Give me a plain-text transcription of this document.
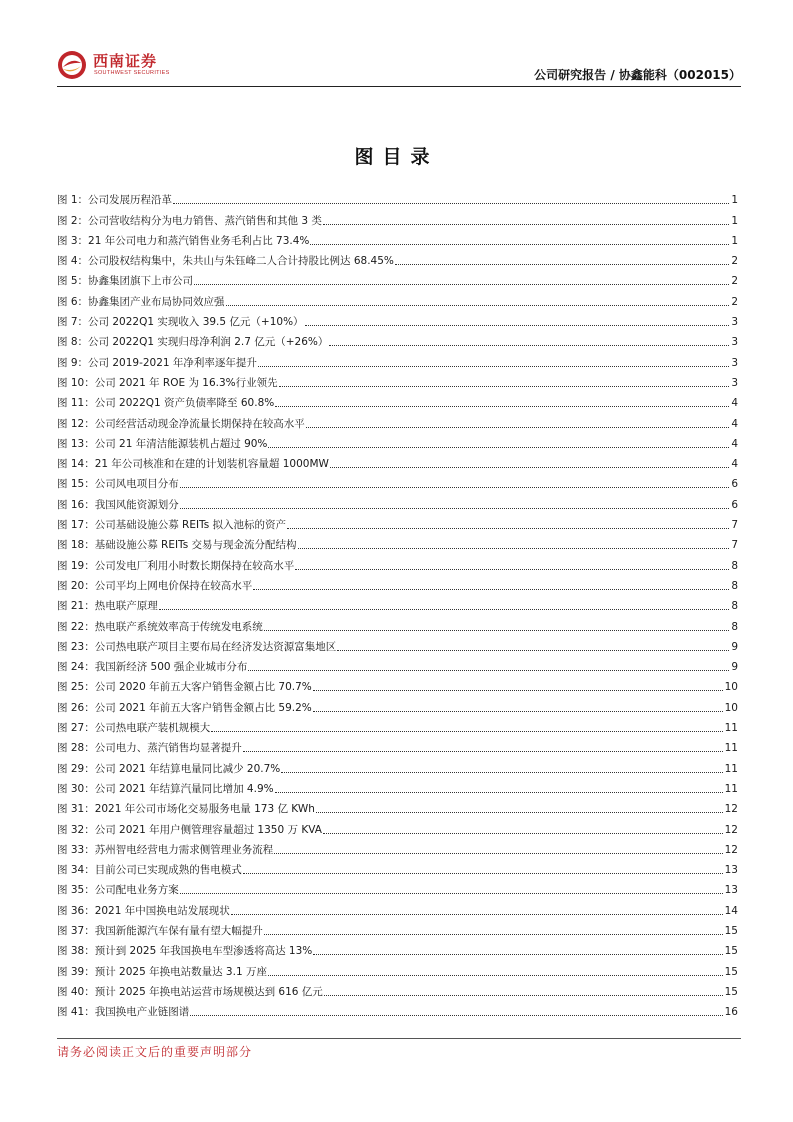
西南证券
SOUTHWEST SECURITIES	公司研究报告 / 协鑫能科（002015）
图目录
图 1：公司发展历程沿革	1
图 2：公司营收结构分为电力销售、蒸汽销售和其他 3 类	1
图 3：21 年公司电力和蒸汽销售业务毛利占比 73.4%	1
图 4：公司股权结构集中，朱共山与朱钰峰二人合计持股比例达 68.45%	2
图 5：协鑫集团旗下上市公司	2
图 6：协鑫集团产业布局协同效应强	2
图 7：公司 2022Q1 实现收入 39.5 亿元（+10%）	3
图 8：公司 2022Q1 实现归母净利润 2.7 亿元（+26%）	3
图 9：公司 2019-2021 年净利率逐年提升	3
图 10：公司 2021 年 ROE 为 16.3%行业领先	3
图 11：公司 2022Q1 资产负债率降至 60.8%	4
图 12：公司经营活动现金净流量长期保持在较高水平	4
图 13：公司 21 年清洁能源装机占超过 90%	4
图 14：21 年公司核准和在建的计划装机容量超 1000MW	4
图 15：公司风电项目分布	6
图 16：我国风能资源划分	6
图 17：公司基础设施公募 REITs 拟入池标的资产	7
图 18：基础设施公募 REITs 交易与现金流分配结构	7
图 19：公司发电厂利用小时数长期保持在较高水平	8
图 20：公司平均上网电价保持在较高水平	8
图 21：热电联产原理	8
图 22：热电联产系统效率高于传统发电系统	8
图 23：公司热电联产项目主要布局在经济发达资源富集地区	9
图 24：我国新经济 500 强企业城市分布	9
图 25：公司 2020 年前五大客户销售金额占比 70.7%	10
图 26：公司 2021 年前五大客户销售金额占比 59.2%	10
图 27：公司热电联产装机规模大	11
图 28：公司电力、蒸汽销售均显著提升	11
图 29：公司 2021 年结算电量同比减少 20.7%	11
图 30：公司 2021 年结算汽量同比增加 4.9%	11
图 31：2021 年公司市场化交易服务电量 173 亿 KWh	12
图 32：公司 2021 年用户侧管理容量超过 1350 万 KVA	12
图 33：苏州智电经营电力需求侧管理业务流程	12
图 34：目前公司已实现成熟的售电模式	13
图 35：公司配电业务方案	13
图 36：2021 年中国换电站发展现状	14
图 37：我国新能源汽车保有量有望大幅提升	15
图 38：预计到 2025 年我国换电车型渗透将高达 13%	15
图 39：预计 2025 年换电站数量达 3.1 万座	15
图 40：预计 2025 年换电站运营市场规模达到 616 亿元	15
图 41：我国换电产业链图谱	16
请务必阅读正文后的重要声明部分
